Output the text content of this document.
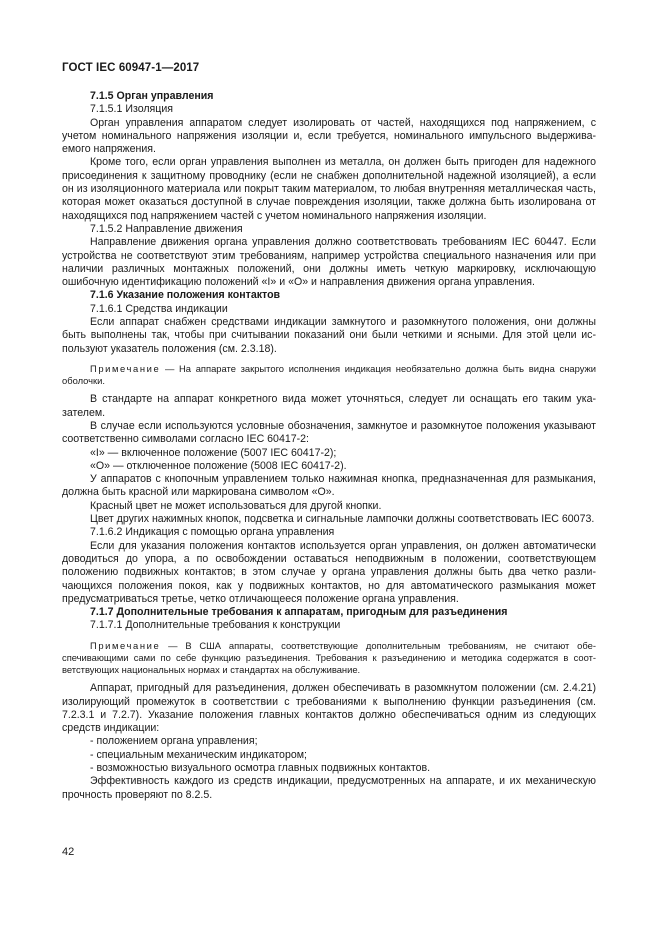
ГОСТ IEC 60947-1—2017

7.1.5 Орган управления

7.1.5.1 Изоляция

Орган управления аппаратом следует изолировать от частей, находящихся под напряжением, с учетом номинального напряжения изоляции и, если требуется, номинального импульсного выдерживаемого напряжения.

Кроме того, если орган управления выполнен из металла, он должен быть пригоден для надежного присоединения к защитному проводнику (если не снабжен дополнительной надежной изоляцией), а если он из изоляционного материала или покрыт таким материалом, то любая внутренняя металлическая часть, которая может оказаться доступной в случае повреждения изоляции, также должна быть изолирована от находящихся под напряжением частей с учетом номинального напряжения изоляции.

7.1.5.2 Направление движения

Направление движения органа управления должно соответствовать требованиям IEC 60447. Если устройства не соответствуют этим требованиям, например устройства специального назначения или при наличии различных монтажных положений, они должны иметь четкую маркировку, исключающую ошибочную идентификацию положений «I» и «О» и направления движения органа управления.

7.1.6 Указание положения контактов

7.1.6.1 Средства индикации

Если аппарат снабжен средствами индикации замкнутого и разомкнутого положения, они должны быть выполнены так, чтобы при считывании показаний они были четкими и ясными. Для этой цели используют указатель положения (см. 2.3.18).

Примечание — На аппарате закрытого исполнения индикация необязательно должна быть видна снаружи оболочки.

В стандарте на аппарат конкретного вида может уточняться, следует ли оснащать его таким указателем.

В случае если используются условные обозначения, замкнутое и разомкнутое положения указывают соответственно символами согласно IEC 60417-2:

«I» — включенное положение (5007 IEC 60417-2);

«О» — отключенное положение (5008 IEC 60417-2).

У аппаратов с кнопочным управлением только нажимная кнопка, предназначенная для размыкания, должна быть красной или маркирована символом «О».

Красный цвет не может использоваться для другой кнопки.

Цвет других нажимных кнопок, подсветка и сигнальные лампочки должны соответствовать IEC 60073.

7.1.6.2 Индикация с помощью органа управления

Если для указания положения контактов используется орган управления, он должен автоматически доводиться до упора, а по освобождении оставаться неподвижным в положении, соответствующем положению подвижных контактов; в этом случае у органа управления должны быть два четко различающихся положения покоя, как у подвижных контактов, но для автоматического размыкания может предусматриваться третье, четко отличающееся положение органа управления.

7.1.7 Дополнительные требования к аппаратам, пригодным для разъединения

7.1.7.1 Дополнительные требования к конструкции

Примечание — В США аппараты, соответствующие дополнительным требованиям, не считают обеспечивающими сами по себе функцию разъединения. Требования к разъединению и методика содержатся в соответствующих национальных нормах и стандартах на обслуживание.

Аппарат, пригодный для разъединения, должен обеспечивать в разомкнутом положении (см. 2.4.21) изолирующий промежуток в соответствии с требованиями к выполнению функции разъединения (см. 7.2.3.1 и 7.2.7). Указание положения главных контактов должно обеспечиваться одним из следующих средств индикации:

- положением органа управления;

- специальным механическим индикатором;

- возможностью визуального осмотра главных подвижных контактов.

Эффективность каждого из средств индикации, предусмотренных на аппарате, и их механическую прочность проверяют по 8.2.5.

42
